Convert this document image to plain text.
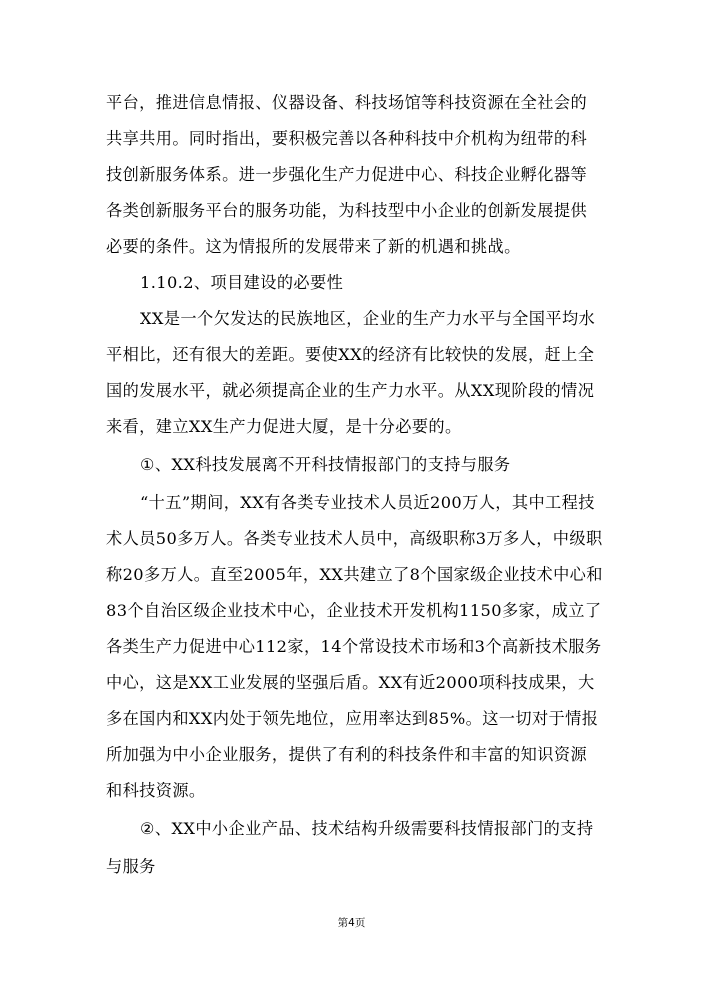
平台，推进信息情报、仪器设备、科技场馆等科技资源在全社会的
共享共用。同时指出，要积极完善以各种科技中介机构为纽带的科
技创新服务体系。进一步强化生产力促进中心、科技企业孵化器等
各类创新服务平台的服务功能，为科技型中小企业的创新发展提供
必要的条件。这为情报所的发展带来了新的机遇和挑战。
1.10.2、项目建设的必要性
XX是一个欠发达的民族地区，企业的生产力水平与全国平均水
平相比，还有很大的差距。要使XX的经济有比较快的发展，赶上全
国的发展水平，就必须提高企业的生产力水平。从XX现阶段的情况
来看，建立XX生产力促进大厦，是十分必要的。
①、XX科技发展离不开科技情报部门的支持与服务
“十五”期间，XX有各类专业技术人员近200万人，其中工程技
术人员50多万人。各类专业技术人员中，高级职称3万多人，中级职
称20多万人。直至2005年，XX共建立了8个国家级企业技术中心和
83个自治区级企业技术中心，企业技术开发机构1150多家，成立了
各类生产力促进中心112家，14个常设技术市场和3个高新技术服务
中心，这是XX工业发展的坚强后盾。XX有近2000项科技成果，大
多在国内和XX内处于领先地位，应用率达到85%。这一切对于情报
所加强为中小企业服务，提供了有利的科技条件和丰富的知识资源
和科技资源。
②、XX中小企业产品、技术结构升级需要科技情报部门的支持
与服务
第4页
